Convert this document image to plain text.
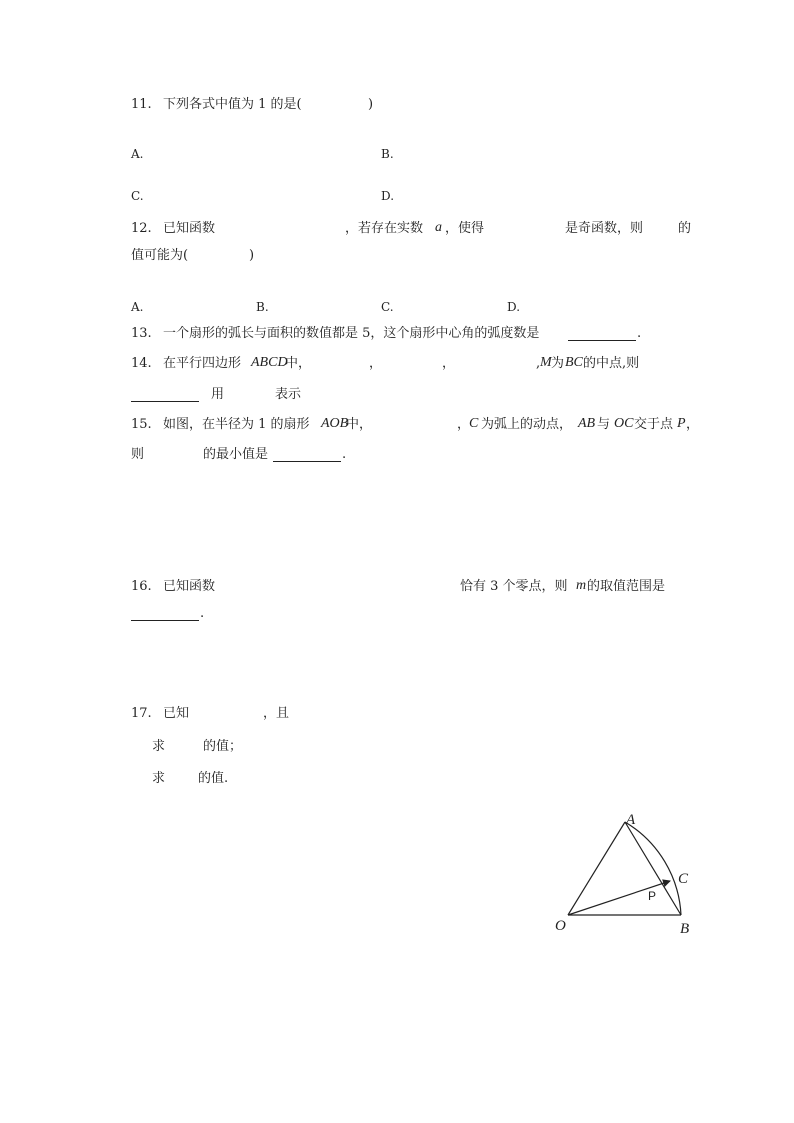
11. 下列各式中值为 1 的是(	)
A.	B.
C.	D.
12. 已知函数	，若存在实数 a ，使得	是奇函数，则	的
值可能为(	)
A.	B.	C.	D.
13. 一个扇形的弧长与面积的数值都是 5，这个扇形中心角的弧度数是	.
14. 在平行四边形 ABCD
中，	，	，	, M 为 BC 的中点,则
用	表示
15. 如图，在半径为 1 的扇形 AOB
中，	，
C 为弧上的动点， AB 与 OC 交于点 P ，
则	的最小值是	.
16. 已知函数	恰有 3 个零点，则 m 的取值范围是
.
17. 已知	，且
求	的值；
求	的值.
A
C
P
O	B
